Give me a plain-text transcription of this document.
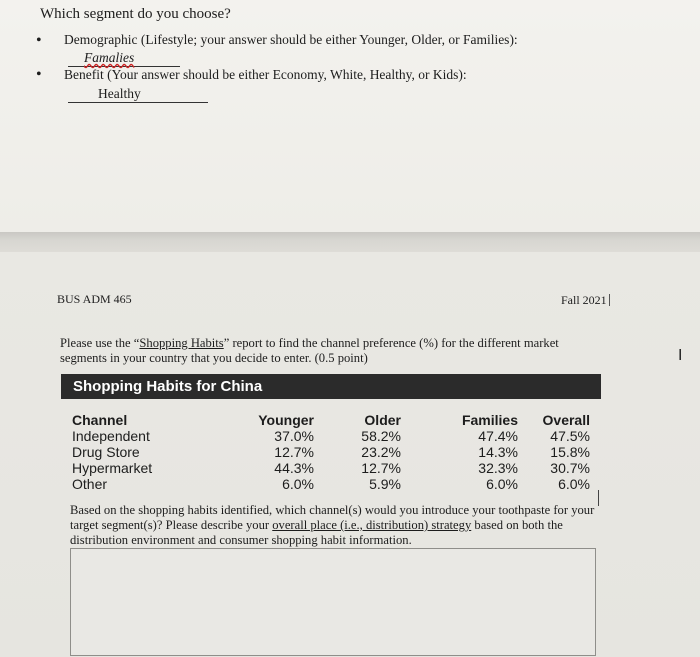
Which segment do you choose?
• Demographic (Lifestyle; your answer should be either Younger, Older, or Families):
Famalies
• Benefit (Your answer should be either Economy, White, Healthy, or Kids):
Healthy
BUS ADM 465	Fall 2021
Please use the “Shopping Habits” report to find the channel preference (%) for the different market segments in your country that you decide to enter. (0.5 point)
Shopping Habits for China
Channel	Younger	Older	Families	Overall
Independent	37.0%	58.2%	47.4%	47.5%
Drug Store	12.7%	23.2%	14.3%	15.8%
Hypermarket	44.3%	12.7%	32.3%	30.7%
Other	6.0%	5.9%	6.0%	6.0%
Based on the shopping habits identified, which channel(s) would you introduce your toothpaste for your target segment(s)? Please describe your overall place (i.e., distribution) strategy based on both the distribution environment and consumer shopping habit information.
I
